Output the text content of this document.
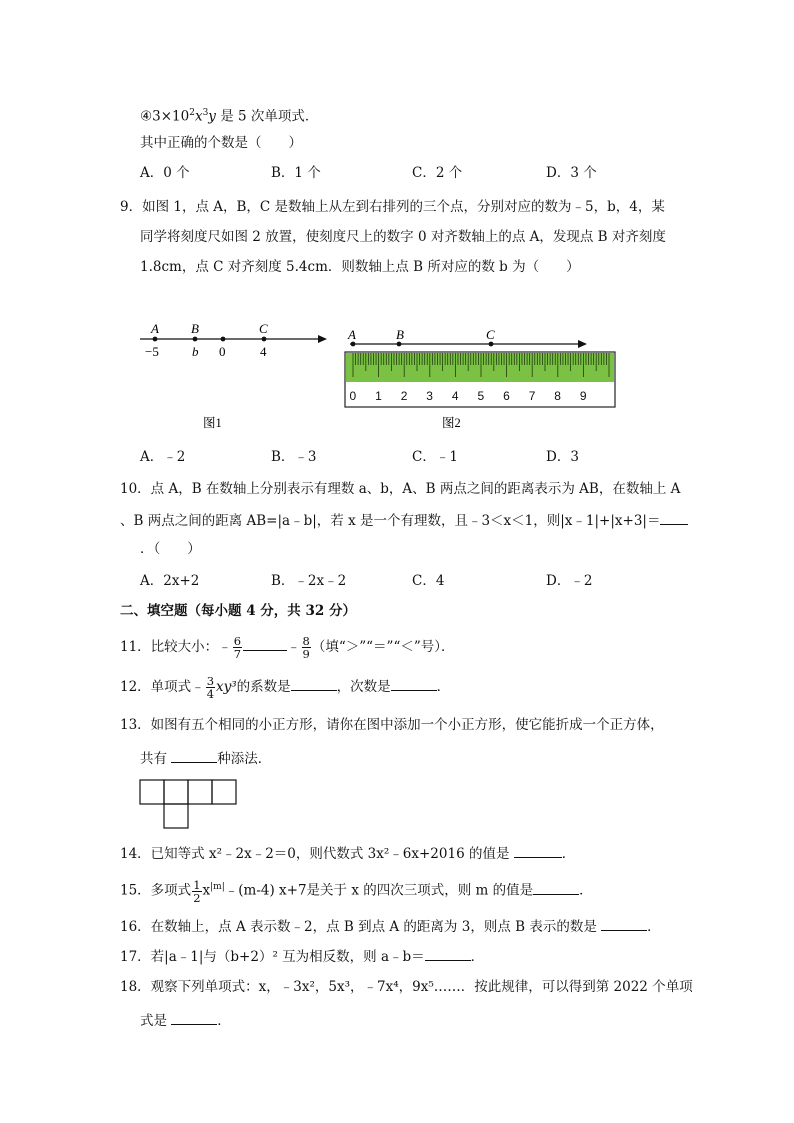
$④3\times 10^2x^3y$ 是 5 次单项式．
其中正确的个数是（　　）
A．0 个	B．1 个	C．2 个	D．3 个
9．如图 1，点 A，B，C 是数轴上从左到右排列的三个点，分别对应的数为﹣5，b，4，某
同学将刻度尺如图 2 放置，使刻度尺上的数字 0 对齐数轴上的点 A，发现点 B 对齐刻度
1.8cm，点 C 对齐刻度 5.4cm．则数轴上点 B 所对应的数 b 为（　　）
A B	C
−5	b 0	4
图1
A	B	C
0 1 2 3 4 5 6 7 8 9
图2
A．﹣2	B．﹣3	C．﹣1	D．3
10．点 A，B 在数轴上分别表示有理数 a、b，A、B 两点之间的距离表示为 AB，在数轴上 A
、B 两点之间的距离 AB=|a﹣b|，若 x 是一个有理数，且﹣3＜x＜1，则|x﹣1|+|x+3|＝
．（　　）
A．2x+2	B．﹣2x﹣2	C．4	D．﹣2
二、填空题（每小题 4 分，共 32 分）
11．比较大小：﹣ $\frac{6}{7}$	﹣ $\frac{8}{9}$ （填“＞”“＝”“＜”号）．
12．单项式﹣ $\frac{3}{4} xy^3$的系数是	，次数是	．
13．如图有五个相同的小正方形，请你在图中添加一个小正方形，使它能折成一个正方体，
共有	种添法．
14．已知等式 x²﹣2x﹣2＝0，则代数式 3x²﹣6x+2016 的值是	．
15．多项式 $\frac{1}{2}$ $x^{|m|}﹣(m-4)$ x+7是关于 x 的四次三项式，则 m 的值是	．
16．在数轴上，点 A 表示数﹣2，点 B 到点 A 的距离为 3，则点 B 表示的数是	．
17．若|a﹣1|与（b+2）² 互为相反数，则 a﹣b＝	．
18．观察下列单项式：x，﹣3x²，5x³，﹣7x⁴，9x⁵……．按此规律，可以得到第 2022 个单项
式是	．
